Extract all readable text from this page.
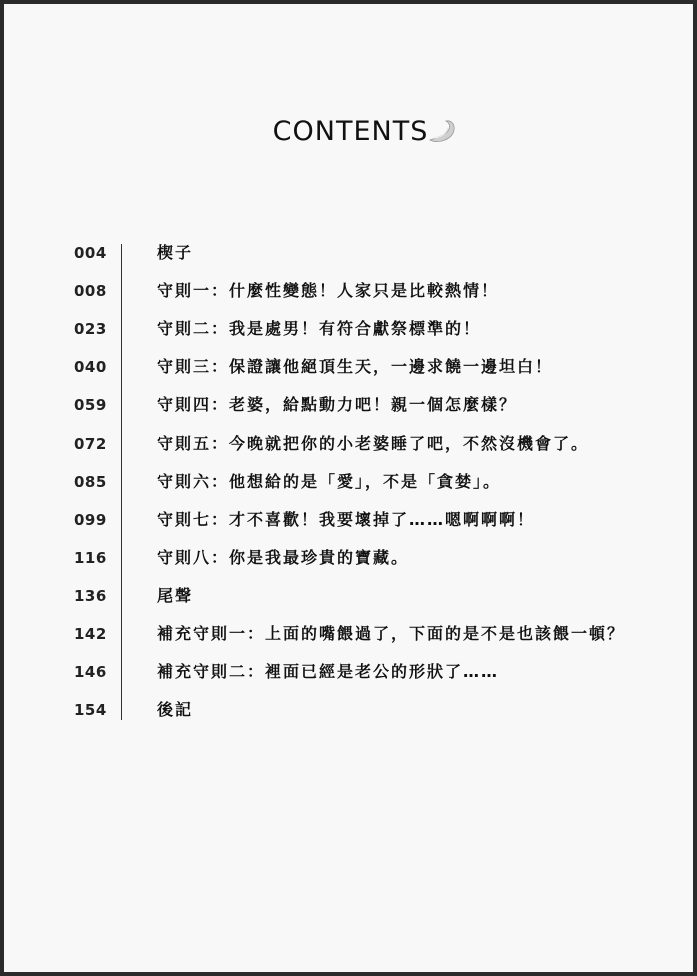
CONTENTS
004	楔子
008	守則一：什麼性變態！人家只是比較熱情！
023	守則二：我是處男！有符合獻祭標準的！
040	守則三：保證讓他絕頂生天，一邊求饒一邊坦白！
059	守則四：老婆，給點動力吧！親一個怎麼樣？
072	守則五：今晚就把你的小老婆睡了吧，不然沒機會了。
085	守則六：他想給的是「愛」，不是「貪婪」。
099	守則七：才不喜歡！我要壞掉了……嗯啊啊啊！
116	守則八：你是我最珍貴的寶藏。
136	尾聲
142	補充守則一：上面的嘴餵過了，下面的是不是也該餵一頓？
146	補充守則二：裡面已經是老公的形狀了……
154	後記
